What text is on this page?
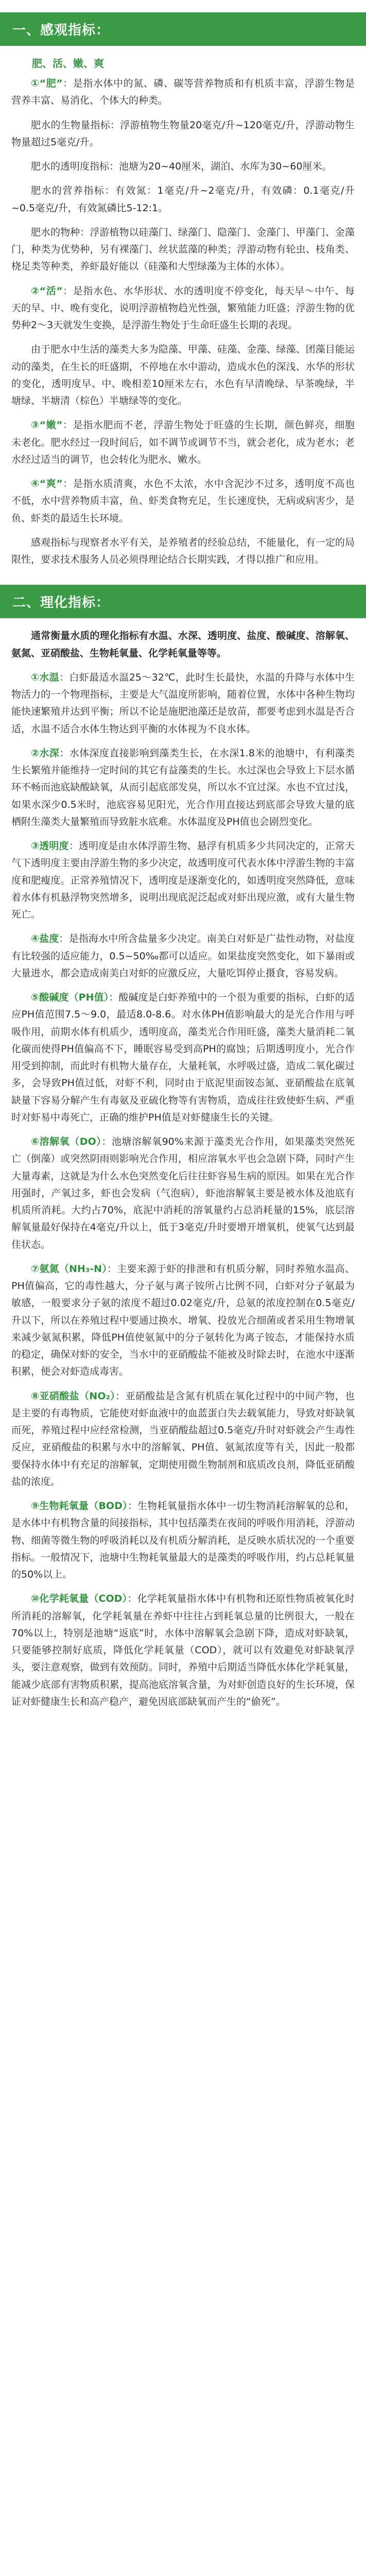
一、感观指标：
肥、活、嫩、爽

①“肥”：是指水体中的氮、磷、碳等营养物质和有机质丰富，浮游生物是营养丰富、易消化、个体大的种类。

肥水的生物量指标：浮游植物生物量20毫克/升~120毫克/升，浮游动物生物量超过5毫克/升。

肥水的透明度指标：池塘为20~40厘米，湖泊、水库为30~60厘米。

肥水的营养指标：有效氮：1毫克/升~2毫克/升，有效磷：0.1毫克/升~0.5毫克/升，有效氮磷比5-12:1。

肥水的物种：浮游植物以硅藻门、绿藻门、隐藻门、金藻门、甲藻门、金藻门，种类为优势种，另有裸藻门、丝状蓝藻的种类；浮游动物有轮虫、枝角类、桡足类等种类，养虾最好能以（硅藻和大型绿藻为主体的水体）。

②“活”：是指水色、水华形状、水的透明度不停变化，每天早～中午、每天的早、中、晚有变化，说明浮游植物趋光性强，繁殖能力旺盛；浮游生物的优势种2～3天就发生变换，是浮游生物处于生命旺盛生长期的表现。

由于肥水中生活的藻类大多为隐藻、甲藻、硅藻、金藻、绿藻、团藻目能运动的藻类，在生长的旺盛期，不停地在水中游动，造成水色的深浅、水华的形状的变化，透明度早、中、晚相差10厘米左右，水色有早清晚绿、早茶晚绿，半塘绿、半塘清（棕色）半塘绿等的变化。

③“嫩”：是指水肥而不老，浮游生物处于旺盛的生长期，颜色鲜亮，细胞未老化。肥水经过一段时间后，如不调节或调节不当，就会老化，成为老水；老水经过适当的调节，也会转化为肥水、嫩水。

④“爽”：是指水质清爽，水色不太浓，水中含泥沙不过多，透明度不高也不低，水中营养物质丰富，鱼、虾类食物充足，生长速度快，无病或病害少，是鱼、虾类的最适生长环境。

感观指标与现察者水平有关，是养殖者的经验总结，不能量化，有一定的局限性，要求技术服务人员必须得理论结合长期实践，才得以推广和应用。

二、理化指标：

通常衡量水质的理化指标有水温、水深、透明度、盐度、酸碱度、溶解氧、氨氮、亚硝酸盐、生物耗氧量、化学耗氧量等等。

①水温：白虾最适水温25～32℃，此时生长最快，水温的升降与水体中生物活力的一个物理指标，主要是大气温度所影响，随着位置，水体中各种生物均能快速繁殖并达到平衡；所以不论是施肥池藻还是放苗，都要考虑到水温是否合适，水温不适合水体生物达到平衡的水体视为不良水体。

②水深：水体深度直接影响到藻类生长，在水深1.8米的池塘中，有利藻类生长繁殖并能维持一定时间的其它有益藻类的生长。水过深也会导致上下层水循环不畅而池底缺酸缺氧，从而引起底部发臭，所以水不宜过深。水也不宜过浅，如果水深少0.5米时，池底容易见阳光，光合作用直接达到底部会导致大量的底栖附生藻类大量繁殖而导致脏水底难。水体温度及PH值也会剧烈变化。

③透明度：透明度是由水体浮游生物、悬浮有机质多少共同决定的，正常天气下透明度主要由浮游生物的多少决定，故透明度可代表水体中浮游生物的丰富度和肥瘦度。正常养殖情况下，透明度是逐渐变化的，如透明度突然降低，意味着水体有机悬浮物突然增多，说明出现底泥泛起或对虾出现应激，或有大量生物死亡。

④盐度：是指海水中所含盐量多少决定。南美白对虾是广盐性动物，对盐度有比较强的适应能力，0.5~50‰都可以适应。如果盐度突然变化，如下暴雨或大量进水，都会造成南美白对虾的应激反应，大量吃饵停止摄食，容易发病。

⑤酸碱度（PH值）：酸碱度是白虾养殖中的一个很为重要的指标，白虾的适应PH值范围7.5～9.0，最适8.0-8.6。对水体PH值影响最大的是光合作用与呼吸作用，前期水体有机质少，透明度高，藻类光合作用旺盛，藻类大量消耗二氧化碳而使得PH值偏高不下，睡眠容易受到高PH的腐蚀；后期透明度小，光合作用受到抑制，而此时有机物大量存在，大量耗氧，水呼吸过盛，造成二氧化碳过多，会导致PH值过低，对虾不利，同时由于底泥里面铵态氮、亚硝酸盐在底氧缺量下容易分解产生有毒氨及亚硫化物等有害物质，造成往往致使虾生病、严重时对虾易中毒死亡，正确的维护PH值是对虾健康生长的关键。

⑥溶解氧（DO）：池塘溶解氧90%来源于藻类光合作用，如果藻类突然死亡（倒藻）或突然阴雨则影响光合作用，相应溶氧水平也会急剧下降，同时产生大量毒素，这就是为什么水色突然变化后往往虾容易生病的原因。如果在光合作用强时，产氧过多，虾也会发病（气泡病），虾池溶解氧主要是被水体及池底有机质所消耗。大约占70%，底泥中消耗的溶氧量约占总消耗量的15%，底层溶解氧量最好保持在4毫克/升以上，低于3毫克/升时要增开增氧机，使氧气达到最佳状态。

⑦氨氮（NH₃-N）：主要来源于虾的排泄和有机质分解，同时养殖水温高、PH值偏高，它的毒性越大，分子氨与离子铵所占比例不同，白虾对分子氨最为敏感，一般要求分子氨的浓度不超过0.02毫克/升，总氨的浓度控制在0.5毫克/升以下，所以在养殖过程中要通过换水、增氧、投放光合细菌或者采用生物增氧来减少氨氮积累，降低PH值使氨氮中的分子氨转化为离子铵态，才能保持水质的稳定，确保对虾的安全，当水中的亚硝酸盐不能被及时除去时，在池水中逐渐积累，便会对虾造成毒害。

⑧亚硝酸盐（NO₂）：亚硝酸盐是含氮有机质在氧化过程中的中间产物，也是主要的有毒物质，它能使对虾血液中的血蓝蛋白失去载氧能力，导致对虾缺氧而死，养殖过程中应经常检测，当亚硝酸盐超过0.5毫克/升时对虾就会产生毒性反应，亚硝酸盐的积累与水中的溶解氧、PH值、氨氮浓度等有关，因此一般都要保持水体中有充足的溶解氧，定期使用微生物制剂和底质改良剂，降低亚硝酸盐的浓度。

⑨生物耗氧量（BOD）：生物耗氧量指水体中一切生物消耗溶解氧的总和，是水体中有机物含量的间接指标，其中包括藻类在夜间的呼吸作用消耗，浮游动物、细菌等微生物的呼吸消耗以及有机质分解消耗，是反映水质状况的一个重要指标。一般情况下，池塘中生物耗氧量最大的是藻类的呼吸作用，约占总耗氧量的50%以上。

⑩化学耗氧量（COD）：化学耗氧量指水体中有机物和还原性物质被氧化时所消耗的溶解氧，化学耗氧量在养虾中往往占到耗氧总量的比例很大，一般在70%以上，特别是池塘“返底”时，水体中溶解氧会急剧下降，造成对虾缺氧，只要能够控制好底质，降低化学耗氧量（COD），就可以有效避免对虾缺氧浮头，要注意观察，做到有效预防。同时，养殖中后期适当降低水体化学耗氧量，能减少底部有害物质积累，提高池底溶氧含量，为对虾创造良好的生长环境，保证对虾健康生长和高产稳产，避免因底部缺氧而产生的“偷死”。
